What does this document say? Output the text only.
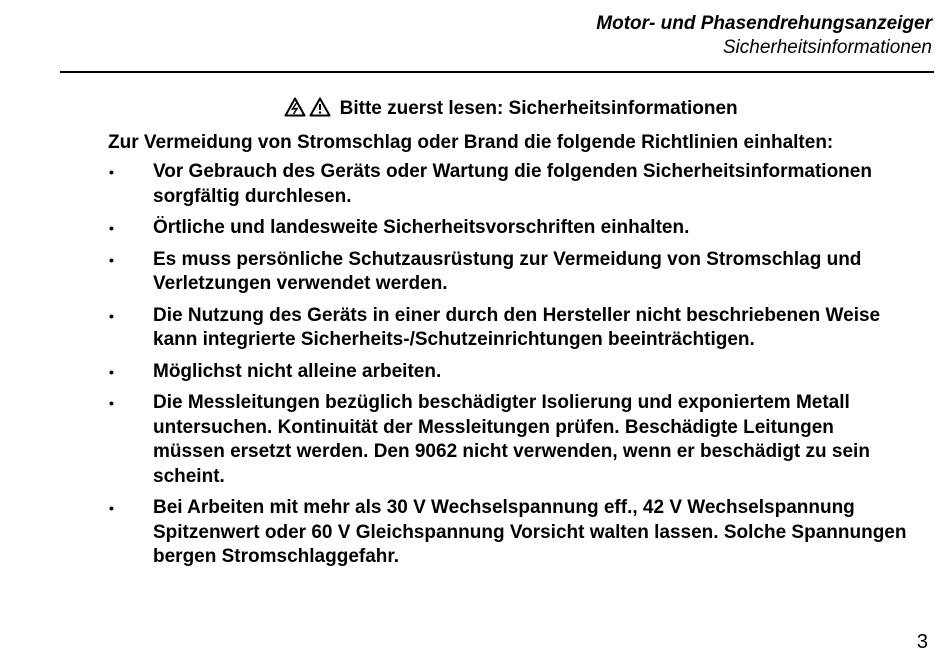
Motor- und Phasendrehungsanzeiger
Sicherheitsinformationen
Bitte zuerst lesen: Sicherheitsinformationen
Zur Vermeidung von Stromschlag oder Brand die folgende Richtlinien einhalten:
• Vor Gebrauch des Geräts oder Wartung die folgenden Sicherheitsinformationen sorgfältig durchlesen.
• Örtliche und landesweite Sicherheitsvorschriften einhalten.
• Es muss persönliche Schutzausrüstung zur Vermeidung von Stromschlag und Verletzungen verwendet werden.
• Die Nutzung des Geräts in einer durch den Hersteller nicht beschriebenen Weise kann integrierte Sicherheits-/Schutzeinrichtungen beeinträchtigen.
• Möglichst nicht alleine arbeiten.
• Die Messleitungen bezüglich beschädigter Isolierung und exponiertem Metall untersuchen. Kontinuität der Messleitungen prüfen. Beschädigte Leitungen müssen ersetzt werden. Den 9062 nicht verwenden, wenn er beschädigt zu sein scheint.
• Bei Arbeiten mit mehr als 30 V Wechselspannung eff., 42 V Wechselspannung Spitzenwert oder 60 V Gleichspannung Vorsicht walten lassen. Solche Spannungen bergen Stromschlaggefahr.
3
